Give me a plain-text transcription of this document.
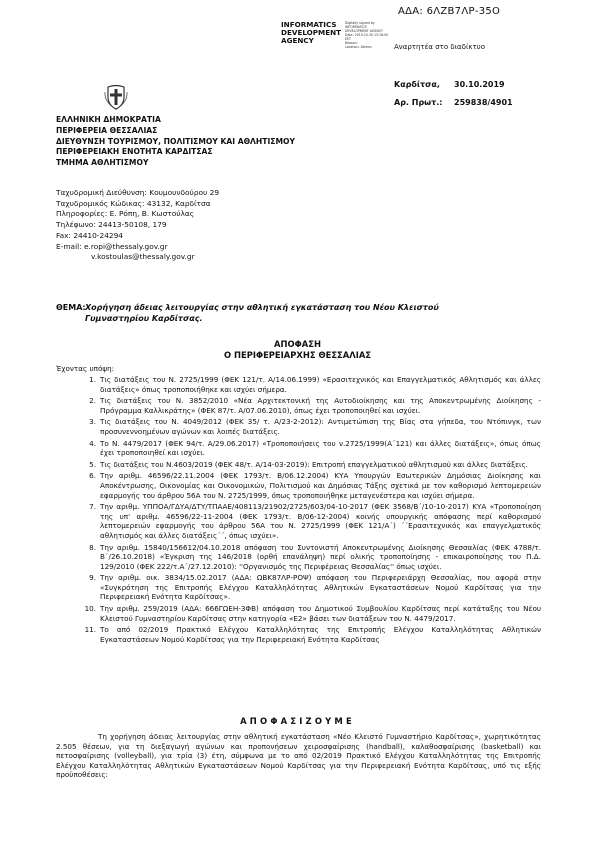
ΑΔΑ: 6ΛΖΒ7ΛΡ-35Ο
INFORMATICS
DEVELOPMENT
AGENCY
Digitally signed by
INFORMATICS
DEVELOPMENT AGENCY
Date: 2019.10.30 13:16:00
EET
Reason:
Location: Athens	Αναρτητέα στο διαδίκτυο
Καρδίτσα, 30.10.2019
Αρ. Πρωτ.: 259838/4901
ΕΛΛΗΝΙΚΗ ΔΗΜΟΚΡΑΤΙΑ
ΠΕΡΙΦΕΡΕΙΑ ΘΕΣΣΑΛΙΑΣ
ΔΙΕΥΘΥΝΣΗ ΤΟΥΡΙΣΜΟΥ, ΠΟΛΙΤΙΣΜΟΥ ΚΑΙ ΑΘΛΗΤΙΣΜΟΥ
ΠΕΡΙΦΕΡΕΙΑΚΗ ΕΝΟΤΗΤΑ ΚΑΡΔΙΤΣΑΣ
ΤΜΗΜΑ ΑΘΛΗΤΙΣΜΟΥ
Ταχυδρομική Διεύθυνση: Κουμουνδούρου 29
Ταχυδρομικός Κώδικας: 43132, Καρδίτσα
Πληροφορίες: Ε. Ρόπη, Β. Κωστούλας
Τηλέφωνο: 24413-50108, 179
Fax: 24410-24294
E-mail: e.ropi@thessaly.gov.gr
v.kostoulas@thessaly.gov.gr
ΘΕΜΑ:Χορήγηση άδειας λειτουργίας στην αθλητική εγκατάσταση του Νέου Κλειστού
Γυμναστηρίου Καρδίτσας.
ΑΠΟΦΑΣΗ
Ο ΠΕΡΙΦΕΡΕΙΑΡΧΗΣ ΘΕΣΣΑΛΙΑΣ
Έχοντας υπόψη:
1. Τις διατάξεις του Ν. 2725/1999 (ΦΕΚ 121/τ. Α/14.06.1999) «Ερασιτεχνικός και Επαγγελματικός Αθλητισμός και άλλες διατάξεις» όπως τροποποιήθηκε και ισχύει σήμερα.
2. Τις διατάξεις του Ν. 3852/2010 «Νέα Αρχιτεκτονική της Αυτοδιοίκησης και της Αποκεντρωμένης Διοίκησης - Πρόγραμμα Καλλικράτης» (ΦΕΚ 87/τ. Α/07.06.2010), όπως έχει τροποποιηθεί και ισχύει.
3. Τις διατάξεις του Ν. 4049/2012 (ΦΕΚ 35/ τ. Α/23-2-2012): Αντιμετώπιση της Βίας στα γήπεδα, του Ντόπινγκ, των προσυνεννοημένων αγώνων και λοιπές διατάξεις.
4. Το Ν. 4479/2017 (ΦΕΚ 94/τ. Α/29.06.2017) «Τροποποιήσεις του ν.2725/1999(Α΄121) και άλλες διατάξεις», όπως όπως έχει τροποποιηθεί και ισχύει.
5. Τις διατάξεις του Ν.4603/2019 (ΦΕΚ 48/τ. Α/14-03-2019): Επιτροπή επαγγελματικού αθλητισμού και άλλες διατάξεις.
6. Την αριθμ. 46596/22.11.2004 (ΦΕΚ 1793/τ. Β/06.12.2004) ΚΥΑ Υπουργών Εσωτερικών Δημόσιας Διοίκησης και Αποκέντρωσης, Οικονομίας και Οικονομικών, Πολιτισμού και Δημόσιας Τάξης σχετικά με τον καθορισμό λεπτομερειών εφαρμογής του άρθρου 56Α του Ν. 2725/1999, όπως τροποποιήθηκε μεταγενέστερα και ισχύει σήμερα.
7. Την αριθμ. ΥΠΠΟΑ/ΓΔΥΑ/ΔΤΥ/ΤΠΑΑΕ/408113/21902/2725/603/04-10-2017 (ΦΕΚ 3568/Β΄/10-10-2017) ΚΥΑ «Τροποποίηση της υπ' αριθμ. 46596/22-11-2004 (ΦΕΚ 1793/τ. Β/06-12-2004) κοινής υπουργικής απόφασης περί καθορισμού λεπτομερειών εφαρμογής του άρθρου 56Α του Ν. 2725/1999 (ΦΕΚ 121/Α΄) ΄΄Ερασιτεχνικός και επαγγελματικός αθλητισμός και άλλες διατάξεις΄΄, όπως ισχύει».
8. Την αριθμ. 15840/156612/04.10.2018 απόφαση του Συντονιστή Αποκεντρωμένης Διοίκησης Θεσσαλίας (ΦΕΚ 4788/τ. Β΄/26.10.2018) «Έγκριση της 146/2018 (ορθή επανάληψη) περί ολικής τροποποίησης - επικαιροποίησης του Π.Δ. 129/2010 (ΦΕΚ 222/τ.Α΄/27.12.2010): ''Οργανισμός της Περιφέρειας Θεσσαλίας'' όπως ισχύει.
9. Την αριθμ. οικ. 3834/15.02.2017 (ΑΔΑ: ΩΒΚ87ΛΡ-ΡΟΨ) απόφαση του Περιφερειάρχη Θεσσαλίας, που αφορά στην «Συγκρότηση της Επιτροπής Ελέγχου Καταλληλότητας Αθλητικών Εγκαταστάσεων Νομού Καρδίτσας για την Περιφερειακή Ενότητα Καρδίτσας».
10. Την αριθμ. 259/2019 (ΑΔΑ: 666ΓΩΕΗ-3ΦΒ) απόφαση του Δημοτικού Συμβουλίου Καρδίτσας περί κατάταξης του Νέου Κλειστού Γυμναστηρίου Καρδίτσας στην κατηγορία «Ε2» βάσει των διατάξεων του Ν. 4479/2017.
11. Το από 02/2019 Πρακτικό Ελέγχου Καταλληλότητας της Επιτροπής Ελέγχου Καταλληλότητας Αθλητικών Εγκαταστάσεων Νομού Καρδίτσας για την Περιφερειακή Ενότητα Καρδίτσας
ΑΠΟΦΑΣΙΖΟΥΜΕ
Τη χορήγηση άδειας λειτουργίας στην αθλητική εγκατάσταση «Νέο Κλειστό Γυμναστήριο Καρδίτσας», χωρητικότητας 2.505 θέσεων, για τη διεξαγωγή αγώνων και προπονήσεων χειροσφαίρισης (handball), καλαθοσφαίρισης (basketball) και πετοσφαίρισης (volleyball), για τρία (3) έτη, σύμφωνα με το από 02/2019 Πρακτικό Ελέγχου Καταλληλότητας της Επιτροπής Ελέγχου Καταλληλότητας Αθλητικών Εγκαταστάσεων Νομού Καρδίτσας για την Περιφερειακή Ενότητα Καρδίτσας, υπό τις εξής προϋποθέσεις:
